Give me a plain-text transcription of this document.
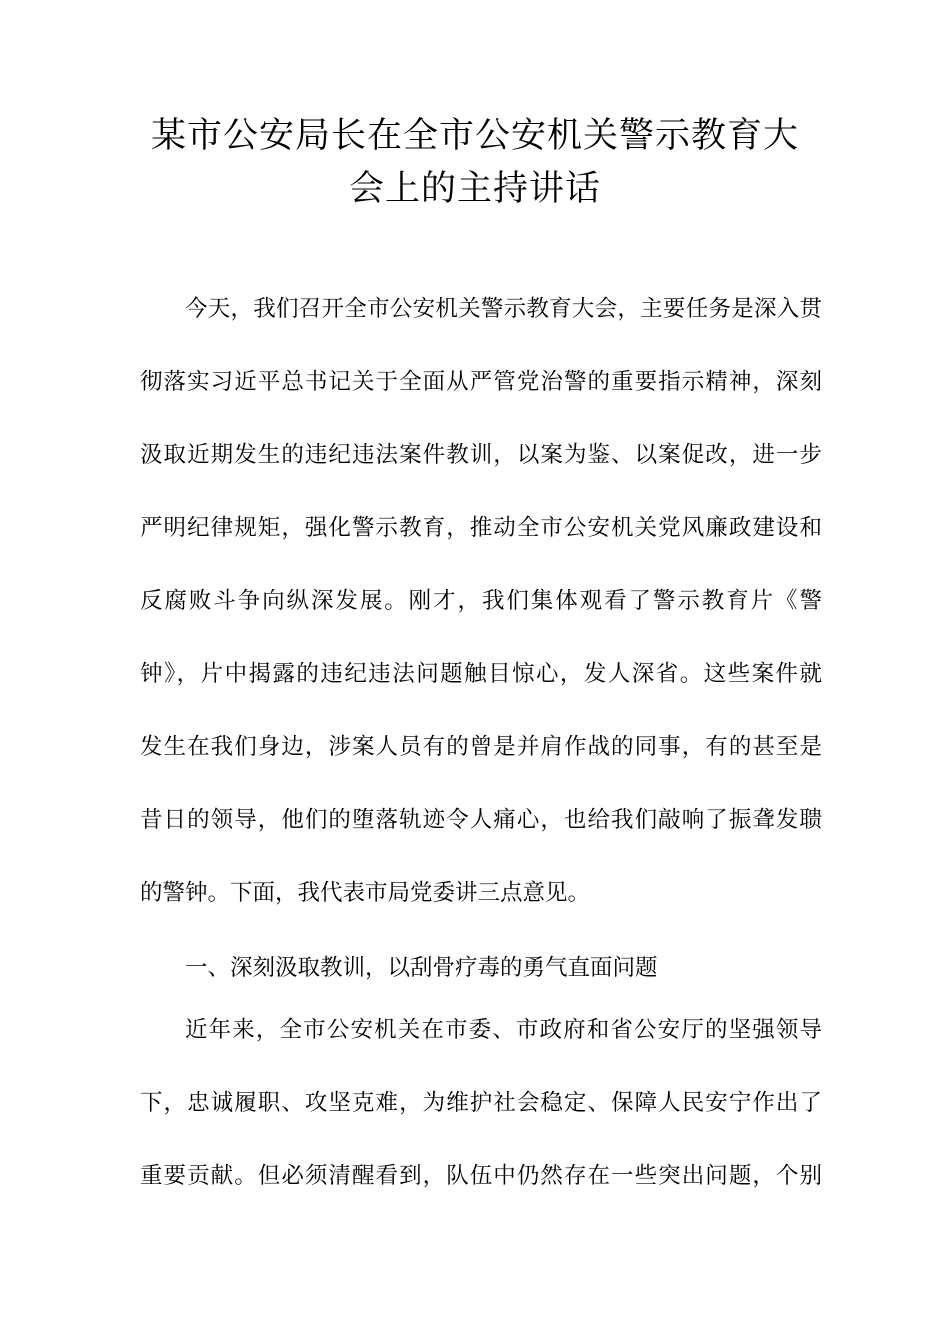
某市公安局长在全市公安机关警示教育大
会上的主持讲话
今天，我们召开全市公安机关警示教育大会，主要任务是深入贯
彻落实习近平总书记关于全面从严管党治警的重要指示精神，深刻
汲取近期发生的违纪违法案件教训，以案为鉴、以案促改，进一步
严明纪律规矩，强化警示教育，推动全市公安机关党风廉政建设和
反腐败斗争向纵深发展。刚才，我们集体观看了警示教育片《警
钟》，片中揭露的违纪违法问题触目惊心，发人深省。这些案件就
发生在我们身边，涉案人员有的曾是并肩作战的同事，有的甚至是
昔日的领导，他们的堕落轨迹令人痛心，也给我们敲响了振聋发聩
的警钟。下面，我代表市局党委讲三点意见。
一、深刻汲取教训，以刮骨疗毒的勇气直面问题
近年来，全市公安机关在市委、市政府和省公安厅的坚强领导
下，忠诚履职、攻坚克难，为维护社会稳定、保障人民安宁作出了
重要贡献。但必须清醒看到，队伍中仍然存在一些突出问题，个别
